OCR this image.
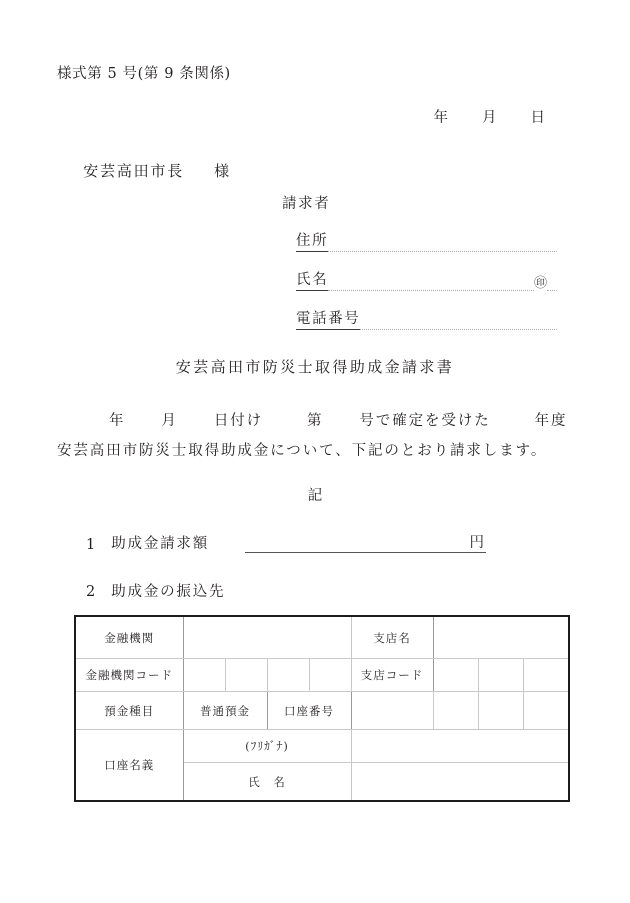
様式第 5 号(第 9 条関係)

年 月 日

安芸高田市長 様

請求者
住所
氏名	㊞
電話番号
安芸高田市防災士取得助成金請求書
年 月 日付け	第 号で確定を受けた	年度
安芸高田市防災士取得助成金について、下記のとおり請求します。
記
1	助成金請求額	円
2	助成金の振込先
金融機関					支店名			
金融機関コード					支店コード			
預金種目	普通預金		口座番号					
口座名義	(ﾌﾘｶﾞﾅ)							
	氏　名							
